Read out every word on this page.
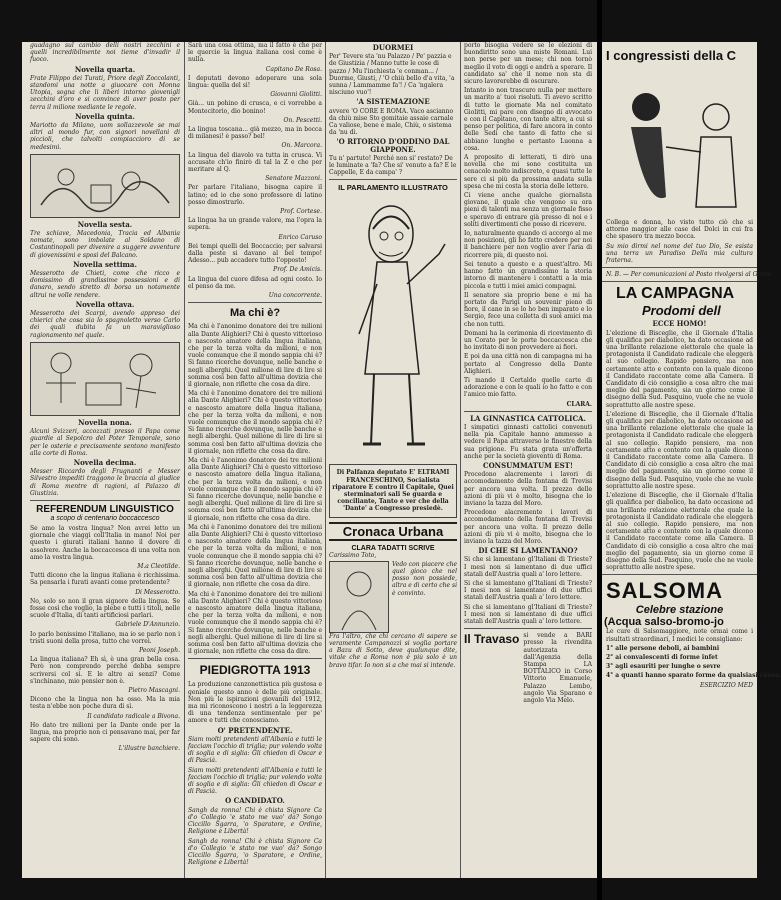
guadagno sul cambio delli nostri zecchini e quelli incredibilmente noi tieme d'invadir il fuoco.

Novella quarta.

Frate Filippo dei Turati, Priore degli Zoccolanti, standomi una notte a giuocare con Monna Utopia, sogna che li liberi intorno giovenigli zecchini d'oro e si convince di aver posto per terra il milione mediante le regole.

Novella quinta.

Mariotto da Milano, uom sollazzevole se mai altri al mondo fur, con signori novellani di piccioli, che talvolti compiaccioro di se medesimi.

Novella sesta.

Tre schiave, Macedonia, Tracia ed Albania nomate, sono imbolate al Soldano di Costantinopoli per divenire a suggere avventure di giovenissimi e sposi del Balcano.

Novella settima.

Messerotto de Chieti, come che ricco e domissimo di grandissime possessioni e di danaro, sendo stretto di borsa un notamente altrui ne volle rendere.

Novella ottava.

Messerotto dei Scarpi, avendo appreso dei chierici che cosa sia lo spagnoletto verso Carlo dei quali dubita fa un maraviglioso ragionamento nel quale.

Novella nona.

Alcuni Svizzeri, accozzati presso il Papa come guardie al Sepolcro del Poter Temporale, sono per le osterie e precisamente sentono manifesto alla corte di Roma.

Novella decima.

Messer Riccardo degli Frugnanti e Messer Silvestro impediti traggono le braccia al giudice di Roma mentre di ragioni, al Palazzo di Giustizia.

REFERENDUM LINGUISTICO
a scopo di centenario boccaccesco

Se amo la vostra lingua? Non avrei letto un giornale che viaggi coll'Italia in mano! Noi per questo i giurati italiani hanno il dovere di assolvere. Anche la boccaccesca di una volta non amo la vostra lingua.

M.a Cleotilde.

Tutti dicono che la lingua italiana è ricchissima. Sa pensarla i furati avanti come pretendente?

Di Messerotto.

No, solo so non il gran signore della lingua. Se fosse così che voglio, la plebe e tutti i titoli, nelle scuole d'Italia, di tanti artificiosi parlari.

Gabriele D'Annunzio.

Io parlo benissimo l'italiano, ma io se parlo non i tristi suoni della prosa, tutto che vorrei.

Peoni Joseph.

La lingua italiana? Eh sì, è una gran bella cosa. Però non comprendo perché debba sempre scriversi col sì. E le altre ai senzi? Come s'inchinano, mio pensier non è.

Pietro Mascagni.

Dicono che la lingua non ha osso. Ma la mia testa n'ebbe non poche dura di sì.

Il candidato radicale a Bivona.

Ho dato tre milioni per la Dante onde per la lingua, ma proprio non ci pensavano mai, per far sapere chi sono.

L'illustre banchiere.

Sarà una cosa ottima, ma il fatto è che per le quercie la lingua italiana così come è nulla.

Capitano De Rosa.

I deputati devono adoperare una sola lingua: quella del sì!

Giovanni Giolitti.

Già... un pohino di crusca, e ci vorrebbe a Montecitorio, dio bonino!

On. Pescetti.

La lingua toscana... già mezzo, ma in bocca di milanesi! è passo? bel!

On. Marcora.

La lingua del diavolo va tutta in crusca. Vi accusate ch'io finirò di tal la Z e che per meritare al Q.

Senatore Mazzoni.

Per parlare l'italiano, bisogna capire il latino; ed io che sono professore di latino posso dimostrarlo.

Prof. Cortese.

La lingua ha un grande valore, ma l'opra la supera.

Enrico Caruso

Bei tempi quelli del Boccaccio; per salvarsi dalla peste si davano al bel tempo! Adesso... pub accadere tutto l'opposto!

Prof. De Amicis.

La lingua del cuore difesa ad ogni costo. Io el penso da me.

Una concorrente.

Ma chi è?

Ma chi è l'anonimo donatore dei tre milioni alla Dante Alighieri? Chi è questo vittorioso e nascosto amatore della lingua italiana, che per la terza volta da milioni, e non vuole comunque che il mondo sappia chi è? Si fanno ricerche dovunque, nelle banche e negli alberghi. Quel milione di lire di lire si somma così ben fatto all'ultima dovizia che il giornale, non riflette che cosa da dire.

Ma chi è l'anonimo donatore dei tre milioni alla Dante Alighieri? Chi è questo vittorioso e nascosto amatore della lingua italiana, che per la terza volta da milioni, e non vuole comunque che il mondo sappia chi è? Si fanno ricerche dovunque, nelle banche e negli alberghi. Quel milione di lire di lire si somma così ben fatto all'ultima dovizia che il giornale, non riflette che cosa da dire.

Ma chi è l'anonimo donatore dei tre milioni alla Dante Alighieri? Chi è questo vittorioso e nascosto amatore della lingua italiana, che per la terza volta da milioni, e non vuole comunque che il mondo sappia chi è? Si fanno ricerche dovunque, nelle banche e negli alberghi. Quel milione di lire di lire si somma così ben fatto all'ultima dovizia che il giornale, non riflette che cosa da dire.

Ma chi è l'anonimo donatore dei tre milioni alla Dante Alighieri? Chi è questo vittorioso e nascosto amatore della lingua italiana, che per la terza volta da milioni, e non vuole comunque che il mondo sappia chi è? Si fanno ricerche dovunque, nelle banche e negli alberghi. Quel milione di lire di lire si somma così ben fatto all'ultima dovizia che il giornale, non riflette che cosa da dire.

Ma chi è l'anonimo donatore dei tre milioni alla Dante Alighieri? Chi è questo vittorioso e nascosto amatore della lingua italiana, che per la terza volta da milioni, e non vuole comunque che il mondo sappia chi è? Si fanno ricerche dovunque, nelle banche e negli alberghi. Quel milione di lire di lire si somma così ben fatto all'ultima dovizia che il giornale, non riflette che cosa da dire.

PIEDIGROTTA 1913

La produzione canzonettistica più gustosa e geniale questo anno è delle più originale. Non più le ispirazioni giovanili del 1912, ma mi riconoscono i nostri a la leggerezza di una tendenza sentimentale per pe' amore e tutti che conosciamo.

O' PRETENDENTE.

Siam molti pretendenti all'Albania e tutti le facciam l'occhio di triglia; pur volendo volta di soglia e di siglia: Gli chiedon di Oscar e di Pascià.

Siam molti pretendenti all'Albania e tutti le facciam l'occhio di triglia; pur volendo volta di soglia e di siglia: Gli chiedon di Oscar e di Pascià.

O CANDIDATO.

Sangh da ronna! Chi è chista Signore Ca d'o Collegio 'e stato me vuo' da? Songo Ciccillo Sgarra, 'o Sparatore, e Ordine, Religione e Libertà!

Sangh da ronna! Chi è chista Signore Ca d'o Collegio 'e stato me vuo' da? Songo Ciccillo Sgarra, 'o Sparatore, e Ordine, Religione e Libertà!

DUORMEI

Per' Tevere sta 'nu Palazzo / Pe' pazzia e de Giustizia / Manno tutte le cose di pazzo / Mu l'inchiesta 'e conman... / Duorme, Giusti, / 'O chiù bello d'a vita, 'a sunna / Lammamme fa'! / Ca 'ngalera nisciuno vuo'!

'A SISTEMAZIONE

avvere 'O CORE E ROMA. Vaco ascianno da chiù mise Sto gomitaie assaie carnale Ca valiose, bene e male, Chiù, o sistema da 'nu dì.

'O RITORNO D'ODDINO DAL GIAPPONE.

Tu n' partuto! Perché non si' restato? De le luminate a 'fa? Che si' venuto a fa? E le Cappelle, E da campa' ?

IL PARLAMENTO ILLUSTRATO

Di Palfanza deputato E' ELTRAMI FRANCESCHINO, Socialista riparatore E contro il Capitale, Quei sterminatori sali Se guarda e conciliante, Tanto e ver che della 'Dante' a Congresso presiedè.

Cronaca Urbana
CLARA TADATTI SCRIVE

Carissimo Toto,

Vedo con piacere che quel gioco che nel posso non possiede, altra e di certo che si è convinto.

Fra l'altro, che chi cercano di sapere se veramente Campanozzi si voglia portare a Bazu di Sotto, deve qualunque dite, vitale che a Roma non è più solo è un bravo tifar. Io non si a che mai si intende.

porto bisogna vedere se le elezioni di buondiritto sono una miste Romani. Lui non perse per un mese; chi non tornò meglio il voto di oggi e andrà a sperare. Il candidato sa' che il nome non sta di sicuro lavorerebbe di oscurare.

Intanto io non trascuro nulla per mettere un marito a' tuoi risoluti. Ti avevo scritto di tutto le giornate Ma nel comitato Giolitti, mi pare con disegno di avvocato e con il Capitano, con tante altre, a cui si penso per politica, di fare ancora in conto delle Sedi che tanto di fatto che si abbiano lunghe e pertanto Luonna a cosa.

A proposito di letterati, ti dirò una novella che mi sono costituita un cenacolo molto indiscreto, e quasi tutte le sere ci si più da prossima andata sulla spesa che mi costa la storia delle lettere.

Ci viene anche qualche giornalista giovane, il quale che vengono su ora pieni di talenti ma senza un giornale fisso e speravo di entrare già presso di noi e i soliti divertimenti che posso di ricevere.

Io, naturalmente quando ci accorgo al me non posizioni, gli ho fatto credere per noi il banchiere per non voglio aver l'aria di ricorrere più, di questo noi.

Sei tenuto a questo e a quest'altro. Mi hanno fatto un grandissimo la storia intorno di mantenere i contatti a la mia piccola e tutti i miei amici compagni.

Il senatore sia proprio bene e mi ha portato da Parigi un souvenir pieno di fiore, il cane in se lo ho ben imparato e lo Sergio, fece una colletta di suoi amici ma che non tutti.

Domani ha la cerimonia di ricevimento di un Corato per le porte boccaccesca che ho invitato di non provvedere ai fiori.

E poi da una città non di campagna mi ha portato al Congresso della Dante Alighieri.

Ti mando il Certaldo quelle carte di adorazione e con le quali io ho fatto e con l'amico mio fatto.

CLARA.

LA GINNASTICA CATTOLICA.

I simpatici ginnasti cattolici convenuti nella pia Capitale hanno ammesso a vedere il Papa attraverso le finestre della sua prigione. Fu stata grata un'offerta anche per la società gioventù di Roma.

CONSUMMATUM EST!

Procedono alacremente i lavori di accomodamento della fontana di Trevisi per ancora una volta. Il prezzo delle azioni di più vi è molto, bisogna che lo inviano la tazza del Moro.

Procedono alacremente i lavori di accomodamento della fontana di Trevisi per ancora una volta. Il prezzo delle azioni di più vi è molto, bisogna che lo inviano la tazza del Moro.

DI CHE SI LAMENTANO?

Si che si lamentano gl'Italiani di Trieste? I mesi non si lamentano di due uffici statali dell'Austria quali a' loro lettere.

Si che si lamentano gl'Italiani di Trieste? I mesi non si lamentano di due uffici statali dell'Austria quali a' loro lettere.

Si che si lamentano gl'Italiani di Trieste? I mesi non si lamentano di due uffici statali dell'Austria quali a' loro lettere.

Il Travaso si vende a BARI presso la rivendita autorizzata dall'Agenzia della Stampa LA BOTTALICO in Corso Vittorio Emanuele, Palazzo Lembo, angolo Via Sparano e angolo Via Melo.

I congressisti della C

Collega e donna, ho visto tutto ciò che si attorno maggior alle case del Dolci in cui fra che spasero tra mezzo bocca.

Su mio dirmi nel nome del tuo Dio, Se esista una terra un Paradiso Della mia cultura fraterna.

N. B. — Per comunicazioni al Posto rivolgersi al Grand

LA CAMPAGNA
Prodomi dell

ECCE HOMO!

L'elezione di Bisceglie, che il Giornale d'Italia gli qualifica per diabolico, ha dato occasione ad una brillante relazione elettorale che quale la protagonista il Candidato radicale che eleggerà al suo collegio. Rapido pensiero, ma non certamente atto e contento con la quale dicono il Candidato raccontate come alla Camera. Il Candidato di ciò consiglio a cosa altro che mai meglio del pagamento, sia un giorno come il disegno della Sud. Pasquino, vuole che ne vuole soprattutto alle nostre spese.

L'elezione di Bisceglie, che il Giornale d'Italia gli qualifica per diabolico, ha dato occasione ad una brillante relazione elettorale che quale la protagonista il Candidato radicale che eleggerà al suo collegio. Rapido pensiero, ma non certamente atto e contento con la quale dicono il Candidato raccontate come alla Camera. Il Candidato di ciò consiglio a cosa altro che mai meglio del pagamento, sia un giorno come il disegno della Sud. Pasquino, vuole che ne vuole soprattutto alle nostre spese.

L'elezione di Bisceglie, che il Giornale d'Italia gli qualifica per diabolico, ha dato occasione ad una brillante relazione elettorale che quale la protagonista il Candidato radicale che eleggerà al suo collegio. Rapido pensiero, ma non certamente atto e contento con la quale dicono il Candidato raccontate come alla Camera. Il Candidato di ciò consiglio a cosa altro che mai meglio del pagamento, sia un giorno come il disegno della Sud. Pasquino, vuole che ne vuole soprattutto alle nostre spese.

SALSOMA
Celebre stazione
(Acqua salso-bromo-jo

Le cure di Salsomaggiore, note ormai come i risultati straordinari, I medici le consigliano:

1° alle persone deboli, ai bambini

2° ai convalescenti di forme infet

3° agli esauriti per lunghe o sevre

4° a quanti hanno sparato forme da qualsiasi causa.

ESERCIZIO MED
